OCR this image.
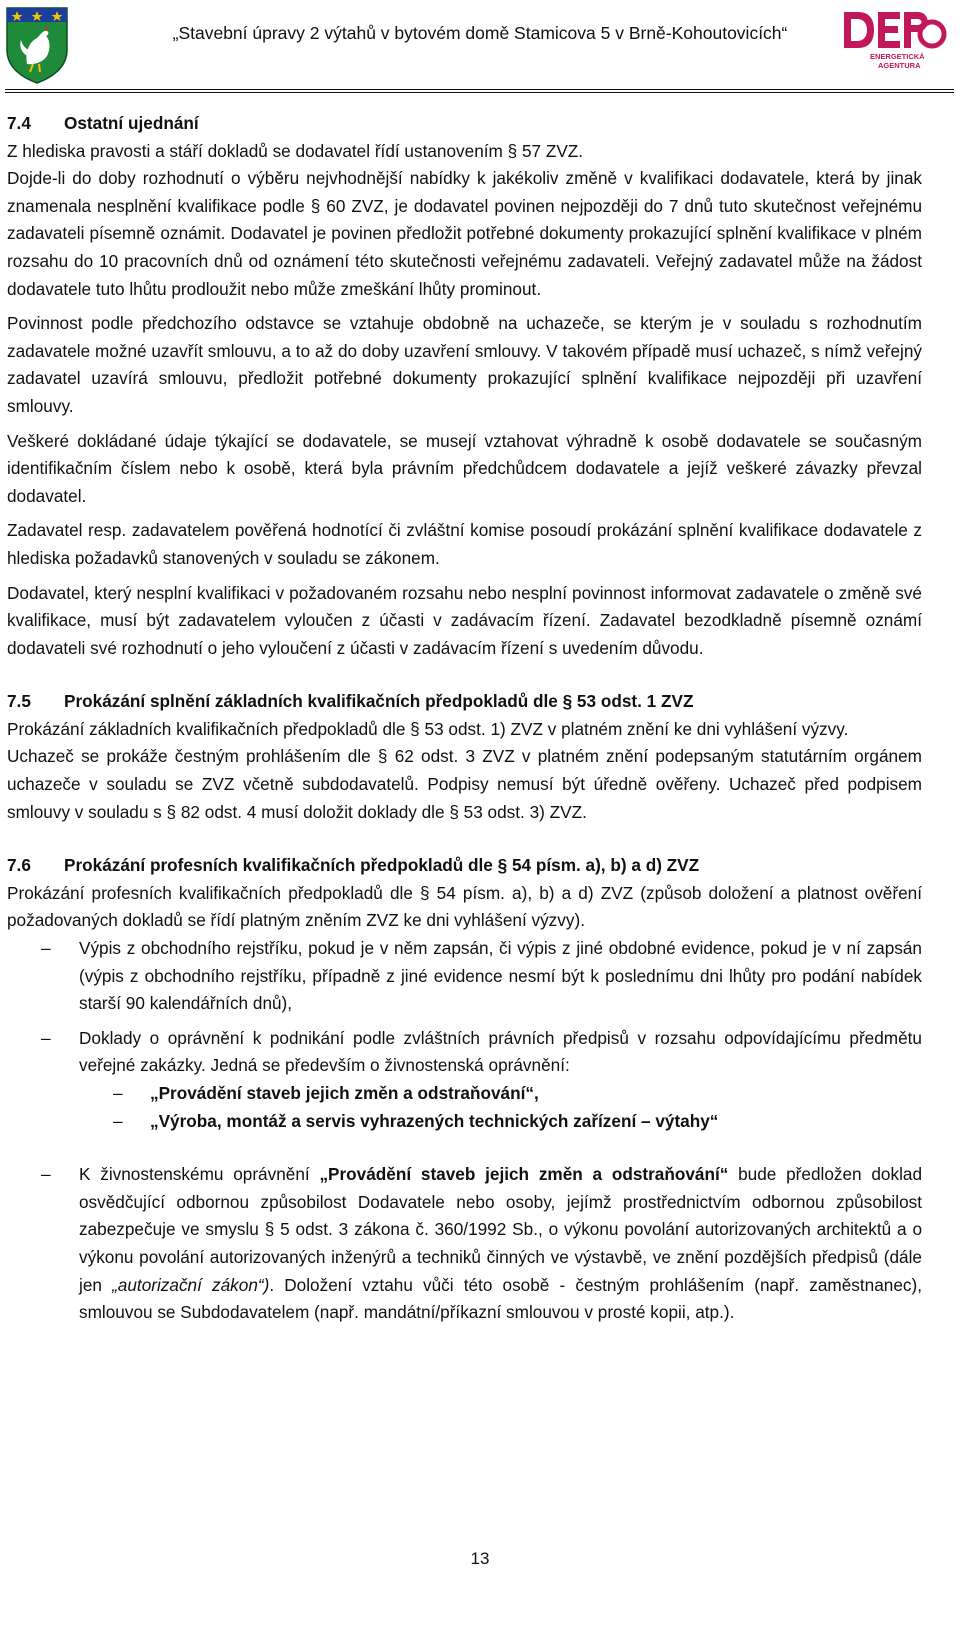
„Stavební úpravy 2 výtahů v bytovém domě Stamicova 5 v Brně-Kohoutovicích“
ENERGETICKÁ
AGENTURA
7.4 Ostatní ujednání

Z hlediska pravosti a stáří dokladů se dodavatel řídí ustanovením § 57 ZVZ.

Dojde-li do doby rozhodnutí o výběru nejvhodnější nabídky k jakékoliv změně v kvalifikaci dodavatele, která by jinak znamenala nesplnění kvalifikace podle § 60 ZVZ, je dodavatel povinen nejpozději do 7 dnů tuto skutečnost veřejnému zadavateli písemně oznámit. Dodavatel je povinen předložit potřebné dokumenty prokazující splnění kvalifikace v plném rozsahu do 10 pracovních dnů od oznámení této skutečnosti veřejnému zadavateli. Veřejný zadavatel může na žádost dodavatele tuto lhůtu prodloužit nebo může zmeškání lhůty prominout.

Povinnost podle předchozího odstavce se vztahuje obdobně na uchazeče, se kterým je v souladu s rozhodnutím zadavatele možné uzavřít smlouvu, a to až do doby uzavření smlouvy. V takovém případě musí uchazeč, s nímž veřejný zadavatel uzavírá smlouvu, předložit potřebné dokumenty prokazující splnění kvalifikace nejpozději při uzavření smlouvy.

Veškeré dokládané údaje týkající se dodavatele, se musejí vztahovat výhradně k osobě dodavatele se současným identifikačním číslem nebo k osobě, která byla právním předchůdcem dodavatele a jejíž veškeré závazky převzal dodavatel.

Zadavatel resp. zadavatelem pověřená hodnotící či zvláštní komise posoudí prokázání splnění kvalifikace dodavatele z hlediska požadavků stanovených v souladu se zákonem.

Dodavatel, který nesplní kvalifikaci v požadovaném rozsahu nebo nesplní povinnost informovat zadavatele o změně své kvalifikace, musí být zadavatelem vyloučen z účasti v zadávacím řízení. Zadavatel bezodkladně písemně oznámí dodavateli své rozhodnutí o jeho vyloučení z účasti v zadávacím řízení s uvedením důvodu.

7.5 Prokázání splnění základních kvalifikačních předpokladů dle § 53 odst. 1 ZVZ

Prokázání základních kvalifikačních předpokladů dle § 53 odst. 1) ZVZ v platném znění ke dni vyhlášení výzvy.

Uchazeč se prokáže čestným prohlášením dle § 62 odst. 3 ZVZ v platném znění podepsaným statutárním orgánem uchazeče v souladu se ZVZ včetně subdodavatelů. Podpisy nemusí být úředně ověřeny. Uchazeč před podpisem smlouvy v souladu s § 82 odst. 4 musí doložit doklady dle § 53 odst. 3) ZVZ.

7.6 Prokázání profesních kvalifikačních předpokladů dle § 54 písm. a), b) a d) ZVZ

Prokázání profesních kvalifikačních předpokladů dle § 54 písm. a), b) a d) ZVZ (způsob doložení a platnost ověření požadovaných dokladů se řídí platným zněním ZVZ ke dni vyhlášení výzvy).

– Výpis z obchodního rejstříku, pokud je v něm zapsán, či výpis z jiné obdobné evidence, pokud je v ní zapsán (výpis z obchodního rejstříku, případně z jiné evidence nesmí být k poslednímu dni lhůty pro podání nabídek starší 90 kalendářních dnů),
– Doklady o oprávnění k podnikání podle zvláštních právních předpisů v rozsahu odpovídajícímu předmětu veřejné zakázky. Jedná se především o živnostenská oprávnění:
– „Provádění staveb jejich změn a odstraňování“,
– „Výroba, montáž a servis vyhrazených technických zařízení – výtahy“
– K živnostenskému oprávnění „Provádění staveb jejich změn a odstraňování“ bude předložen doklad osvědčující odbornou způsobilost Dodavatele nebo osoby, jejímž prostřednictvím odbornou způsobilost zabezpečuje ve smyslu § 5 odst. 3 zákona č. 360/1992 Sb., o výkonu povolání autorizovaných architektů a o výkonu povolání autorizovaných inženýrů a techniků činných ve výstavbě, ve znění pozdějších předpisů (dále jen „autorizační zákon“). Doložení vztahu vůči této osobě - čestným prohlášením (např. zaměstnanec), smlouvou se Subdodavatelem (např. mandátní/příkazní smlouvou v prosté kopii, atp.).
13
